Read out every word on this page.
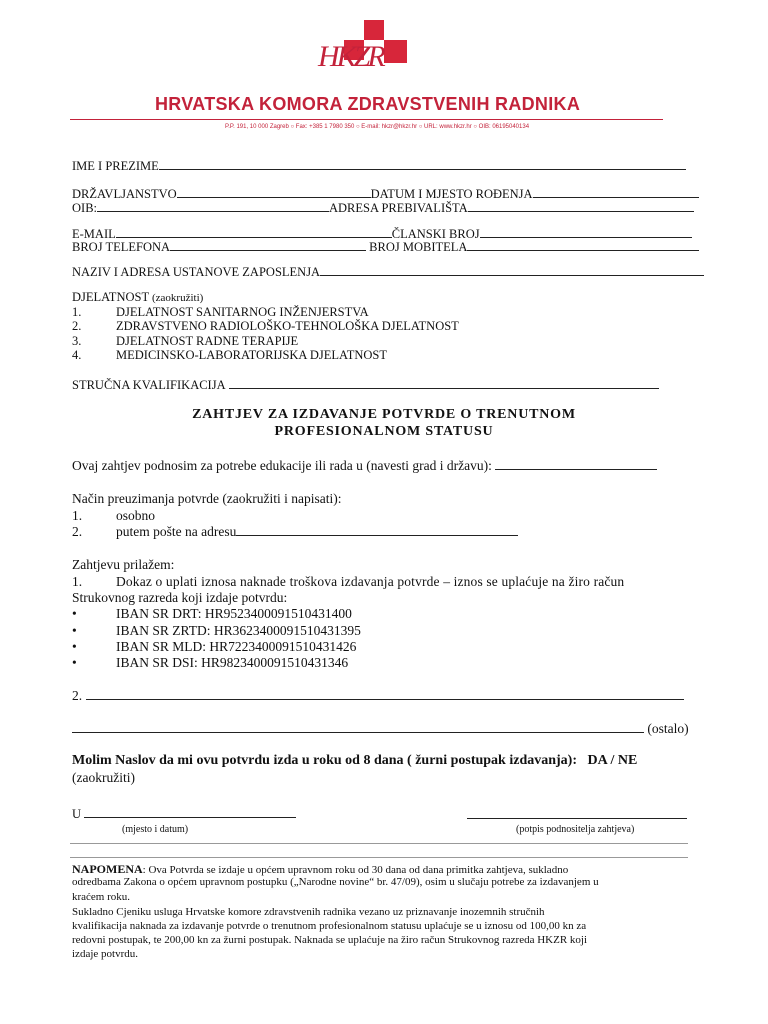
HKZR
HRVATSKA KOMORA ZDRAVSTVENIH RADNIKA
P.P. 191, 10 000 Zagreb ○ Fax: +385 1 7980 350 ○ E-mail: hkzr@hkzr.hr ○ URL: www.hkzr.hr ○ OIB: 06195040134
IME I PREZIME
DRŽAVLJANSTVO	DATUM I MJESTO ROĐENJA
OIB:	ADRESA PREBIVALIŠTA
E-MAIL	ČLANSKI BROJ
BROJ TELEFONA	BROJ MOBITELA
NAZIV I ADRESA USTANOVE ZAPOSLENJA
DJELATNOST (zaokružiti)
1.	DJELATNOST SANITARNOG INŽENJERSTVA
2.	ZDRAVSTVENO RADIOLOŠKO-TEHNOLOŠKA DJELATNOST
3.	DJELATNOST RADNE TERAPIJE
4.	MEDICINSKO-LABORATORIJSKA DJELATNOST
STRUČNA KVALIFIKACIJA
ZAHTJEV ZA IZDAVANJE POTVRDE O TRENUTNOM
PROFESIONALNOM STATUSU
Ovaj zahtjev podnosim za potrebe edukacije ili rada u (navesti grad i državu):
Način preuzimanja potvrde (zaokružiti i napisati):
1.	osobno
2.	putem pošte na adresu
Zahtjevu prilažem:
1.	Dokaz o uplati iznosa naknade troškova izdavanja potvrde – iznos se uplaćuje na žiro račun
Strukovnog razreda koji izdaje potvrdu:
•	IBAN SR DRT: HR9523400091510431400
•	IBAN SR ZRTD: HR3623400091510431395
•	IBAN SR MLD: HR7223400091510431426
•	IBAN SR DSI: HR9823400091510431346
2.
(ostalo)
Molim Naslov da mi ovu potvrdu izda u roku od 8 dana ( žurni postupak izdavanja): DA / NE
(zaokružiti)
U
(mjesto i datum)	(potpis podnositelja zahtjeva)
NAPOMENA: Ova Potvrda se izdaje u općem upravnom roku od 30 dana od dana primitka zahtjeva, sukladno
odredbama Zakona o općem upravnom postupku („Narodne novine“ br. 47/09), osim u slučaju potrebe za izdavanjem u
kraćem roku.
Sukladno Cjeniku usluga Hrvatske komore zdravstvenih radnika vezano uz priznavanje inozemnih stručnih
kvalifikacija naknada za izdavanje potvrde o trenutnom profesionalnom statusu uplaćuje se u iznosu od 100,00 kn za
redovni postupak, te 200,00 kn za žurni postupak. Naknada se uplaćuje na žiro račun Strukovnog razreda HKZR koji
izdaje potvrdu.
